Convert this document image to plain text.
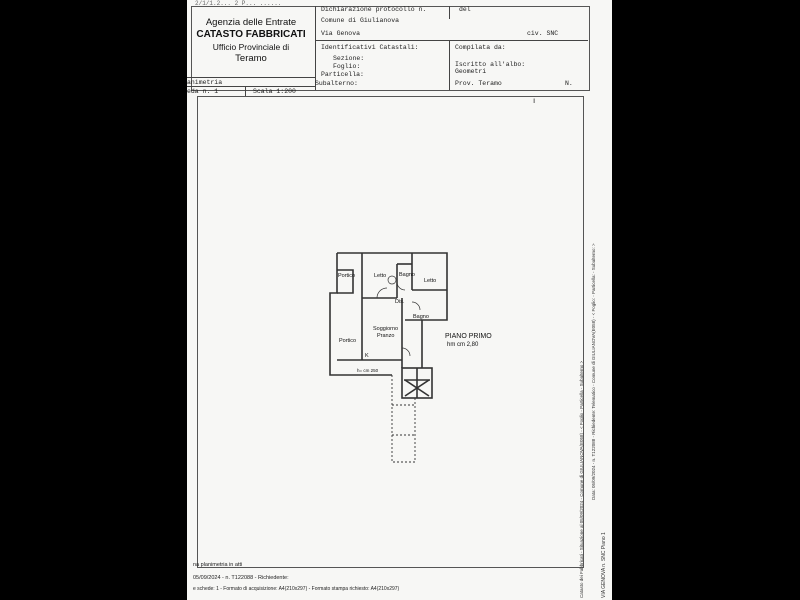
2/1/1.2... 2 P... ......
Agenzia delle Entrate
CATASTO FABBRICATI
Ufficio Provinciale di
Teramo
Dichiarazione protocollo n.	del
Comune di Giulianova
Via Genova	civ. SNC
Identificativi Catastali:
Sezione:
Foglio:
Particella:
Subalterno:
Compilata da:
Iscritto all'albo:
Geometri
Prov. Teramo	N.
animetria
eda n. 1	Scala 1:200
ı
Portico	Letto Bagno
Letto
Dis.
Soggiorno
Pranzo
Bagno
Portico
K
h= cm 250
PIANO PRIMO
hm cm 2,80
na planimetria in atti
05/09/2024 - n. T122088 - Richiedente:
e schede: 1 - Formato di acquisizione: A4(210x297) - Formato stampa richiesto: A4(210x297)
Data: 05/09/2024 - n. T122088 - Richiedente: Telematico - Comune di GIULIANOVA(E058) - < Foglio: - Particella: - Subalterno: >
Catasto dei Fabbricati - Situazione al 05/09/2024 - Comune di GIULIANOVA(E058) - < Foglio - Particella - Subalterno >	VIA GENOVA n. SNC Piano 1
